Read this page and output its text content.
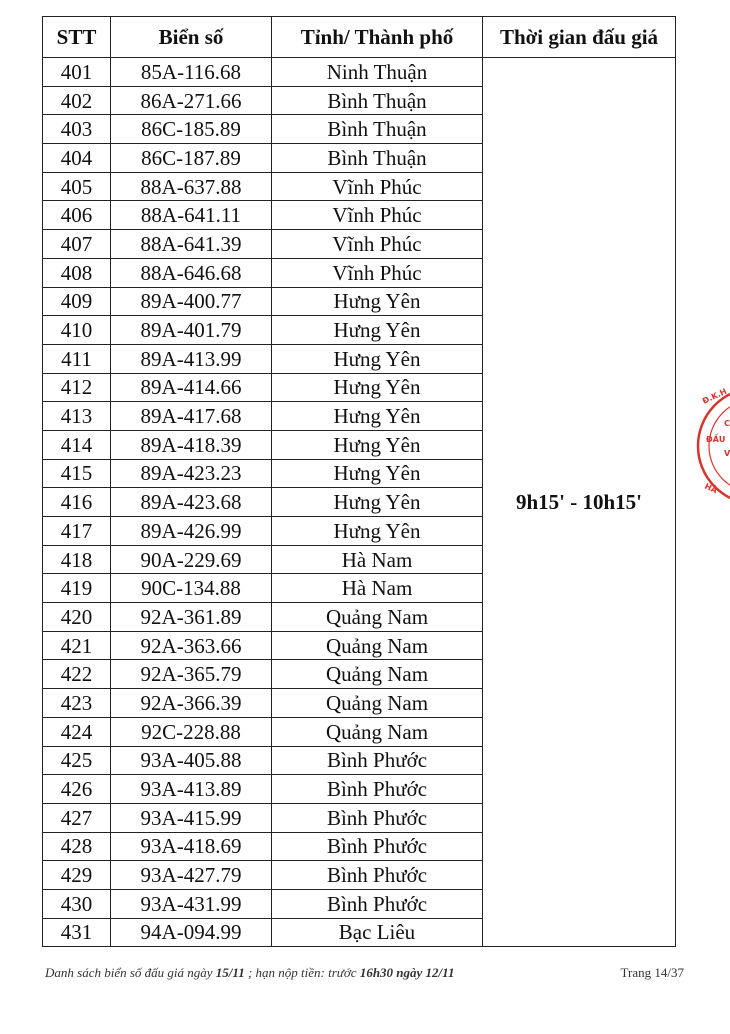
STT	Biển số	Tỉnh/ Thành phố	Thời gian đấu giá
401	85A-116.68	Ninh Thuận	9h15' - 10h15'
402	86A-271.66	Bình Thuận	
403	86C-185.89	Bình Thuận	
404	86C-187.89	Bình Thuận	
405	88A-637.88	Vĩnh Phúc	
406	88A-641.11	Vĩnh Phúc	
407	88A-641.39	Vĩnh Phúc	
408	88A-646.68	Vĩnh Phúc	
409	89A-400.77	Hưng Yên	
410	89A-401.79	Hưng Yên	
411	89A-413.99	Hưng Yên	
412	89A-414.66	Hưng Yên	
413	89A-417.68	Hưng Yên	
414	89A-418.39	Hưng Yên	
415	89A-423.23	Hưng Yên	
416	89A-423.68	Hưng Yên	
417	89A-426.99	Hưng Yên	
418	90A-229.69	Hà Nam	
419	90C-134.88	Hà Nam	
420	92A-361.89	Quảng Nam	
421	92A-363.66	Quảng Nam	
422	92A-365.79	Quảng Nam	
423	92A-366.39	Quảng Nam	
424	92C-228.88	Quảng Nam	
425	93A-405.88	Bình Phước	
426	93A-413.89	Bình Phước	
427	93A-415.99	Bình Phước	
428	93A-418.69	Bình Phước	
429	93A-427.79	Bình Phước	
430	93A-431.99	Bình Phước	
431	94A-094.99	Bạc Liêu	
Danh sách biển số đấu giá ngày 15/11 ; hạn nộp tiền: trước 16h30 ngày 12/11	Trang 14/37
Đ.K.H
C
ĐẤU
V
HÀ
